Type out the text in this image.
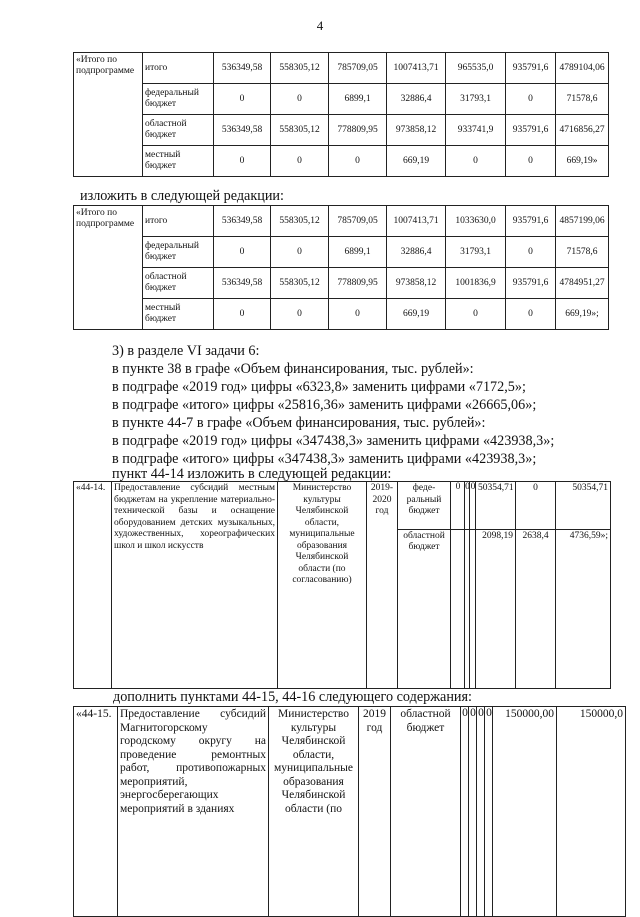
4
«Итого по подпрограмме	итого	536349,58	558305,12	785709,05	1007413,71	965535,0	935791,6	4789104,06
	федеральный бюджет	0	0	6899,1	32886,4	31793,1	0	71578,6
	областной бюджет	536349,58	558305,12	778809,95	973858,12	933741,9	935791,6	4716856,27
	местный бюджет	0	0	0	669,19	0	0	669,19»
изложить в следующей редакции:
«Итого по подпрограмме	итого	536349,58	558305,12	785709,05	1007413,71	1033630,0	935791,6	4857199,06
	федеральный бюджет	0	0	6899,1	32886,4	31793,1	0	71578,6
	областной бюджет	536349,58	558305,12	778809,95	973858,12	1001836,9	935791,6	4784951,27
	местный бюджет	0	0	0	669,19	0	0	669,19»;
3) в разделе VI задачи 6:
в пункте 38 в графе «Объем финансирования, тыс. рублей»:
в подграфе «2019 год» цифры «6323,8» заменить цифрами «7172,5»;
в подграфе «итого» цифры «25816,36» заменить цифрами «26665,06»;
в пункте 44-7 в графе «Объем финансирования, тыс. рублей»:
в подграфе «2019 год» цифры «347438,3» заменить цифрами «423938,3»;
в подграфе «итого» цифры «347438,3» заменить цифрами «423938,3»;
пункт 44-14 изложить в следующей редакции:
«44-14.	Предоставление субсидий местным бюджетам на укрепление материально-технической базы и оснащение оборудованием детских музыкальных, художественных, хореографических школ и школ искусств	Министерство культуры Челябинской области, муниципальные образования Челябинской области (по согласованию)	2019-2020 год	феде-ральный бюджет	0	0	0	50354,71	0	50354,71
				областной бюджет				2098,19	2638,4	4736,59»;
дополнить пунктами 44-15, 44-16 следующего содержания:
«44-15.	Предоставление субсидий Магнитогорскому городскому округу на проведение ремонтных работ, противопожарных мероприятий, энергосберегающих мероприятий в зданиях	Министерство культуры Челябинской области, муниципальные образования Челябинской области (по	2019 год	областной бюджет	0	0	0	0	150000,00	150000,0
